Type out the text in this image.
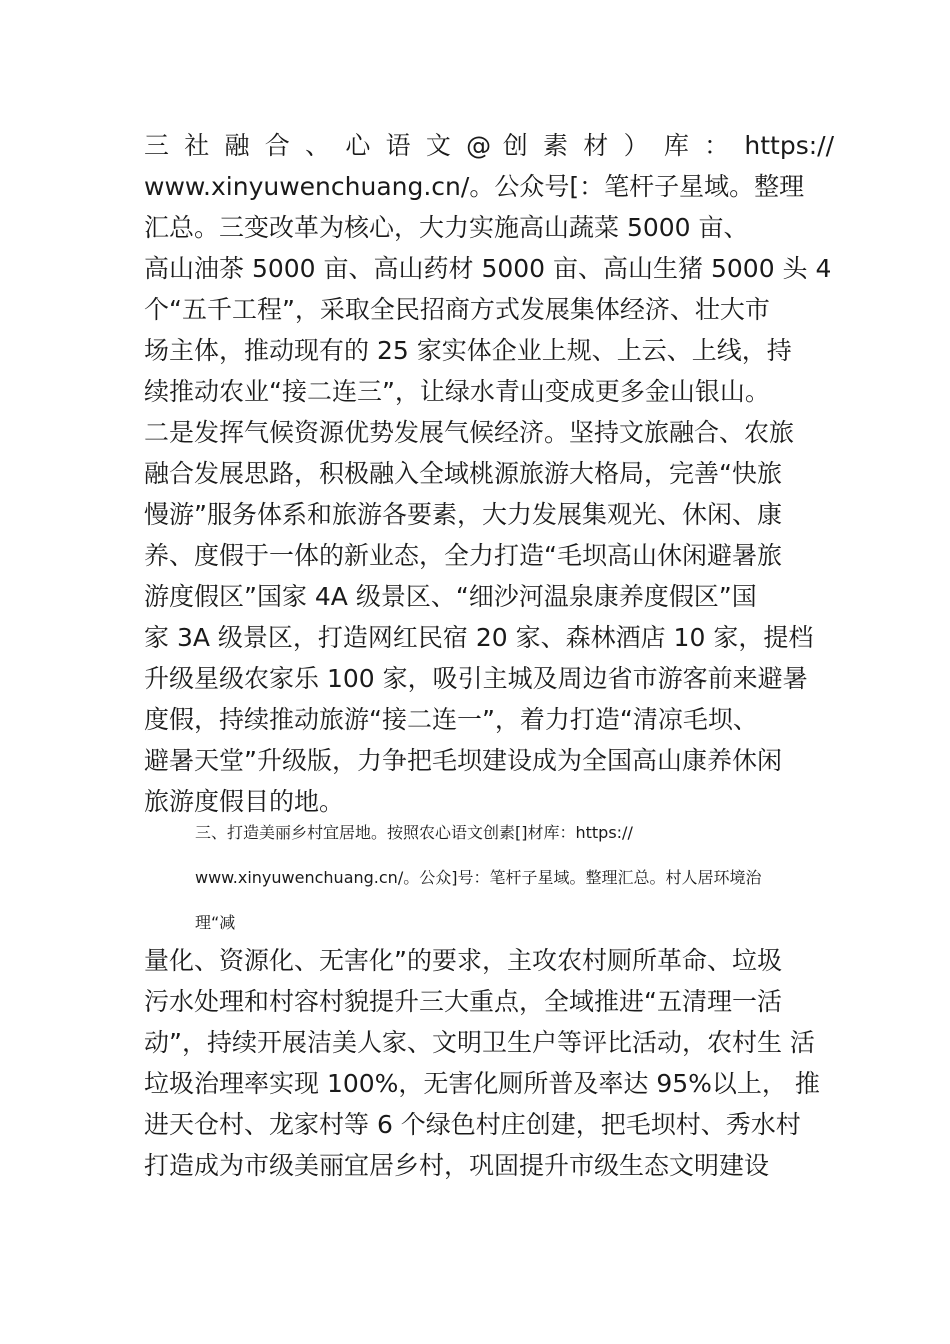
三 社 融 合 、 心 语 文 @ 创 素 材 ） 库 ： https://
www.xinyuwenchuang.cn/。公众号[：笔杆子星域。整理
汇总。三变改革为核心，大力实施高山蔬菜 5000 亩、
高山油茶 5000 亩、高山药材 5000 亩、高山生猪 5000 头 4
个“五千工程”，采取全民招商方式发展集体经济、壮大市
场主体，推动现有的 25 家实体企业上规、上云、上线，持
续推动农业“接二连三”，让绿水青山变成更多金山银山。
二是发挥气候资源优势发展气候经济。坚持文旅融合、农旅
融合发展思路，积极融入全域桃源旅游大格局，完善“快旅
慢游”服务体系和旅游各要素，大力发展集观光、休闲、康
养、度假于一体的新业态，全力打造“毛坝高山休闲避暑旅
游度假区”国家 4A 级景区、“细沙河温泉康养度假区”国
家 3A 级景区，打造网红民宿 20 家、森林酒店 10 家，提档
升级星级农家乐 100 家，吸引主城及周边省市游客前来避暑
度假，持续推动旅游“接二连一”，着力打造“清凉毛坝、
避暑天堂”升级版，力争把毛坝建设成为全国高山康养休闲
旅游度假目的地。
三、打造美丽乡村宜居地。按照农心语文创素[]材库：https://
www.xinyuwenchuang.cn/。公众]号：笔杆子星域。整理汇总。村人居环境治
理“减
量化、资源化、无害化”的要求，主攻农村厕所革命、垃圾
污水处理和村容村貌提升三大重点，全域推进“五清理一活
动”，持续开展洁美人家、文明卫生户等评比活动，农村生 活
垃圾治理率实现 100%，无害化厕所普及率达 95%以上， 推
进天仓村、龙家村等 6 个绿色村庄创建，把毛坝村、秀水村
打造成为市级美丽宜居乡村，巩固提升市级生态文明建设
